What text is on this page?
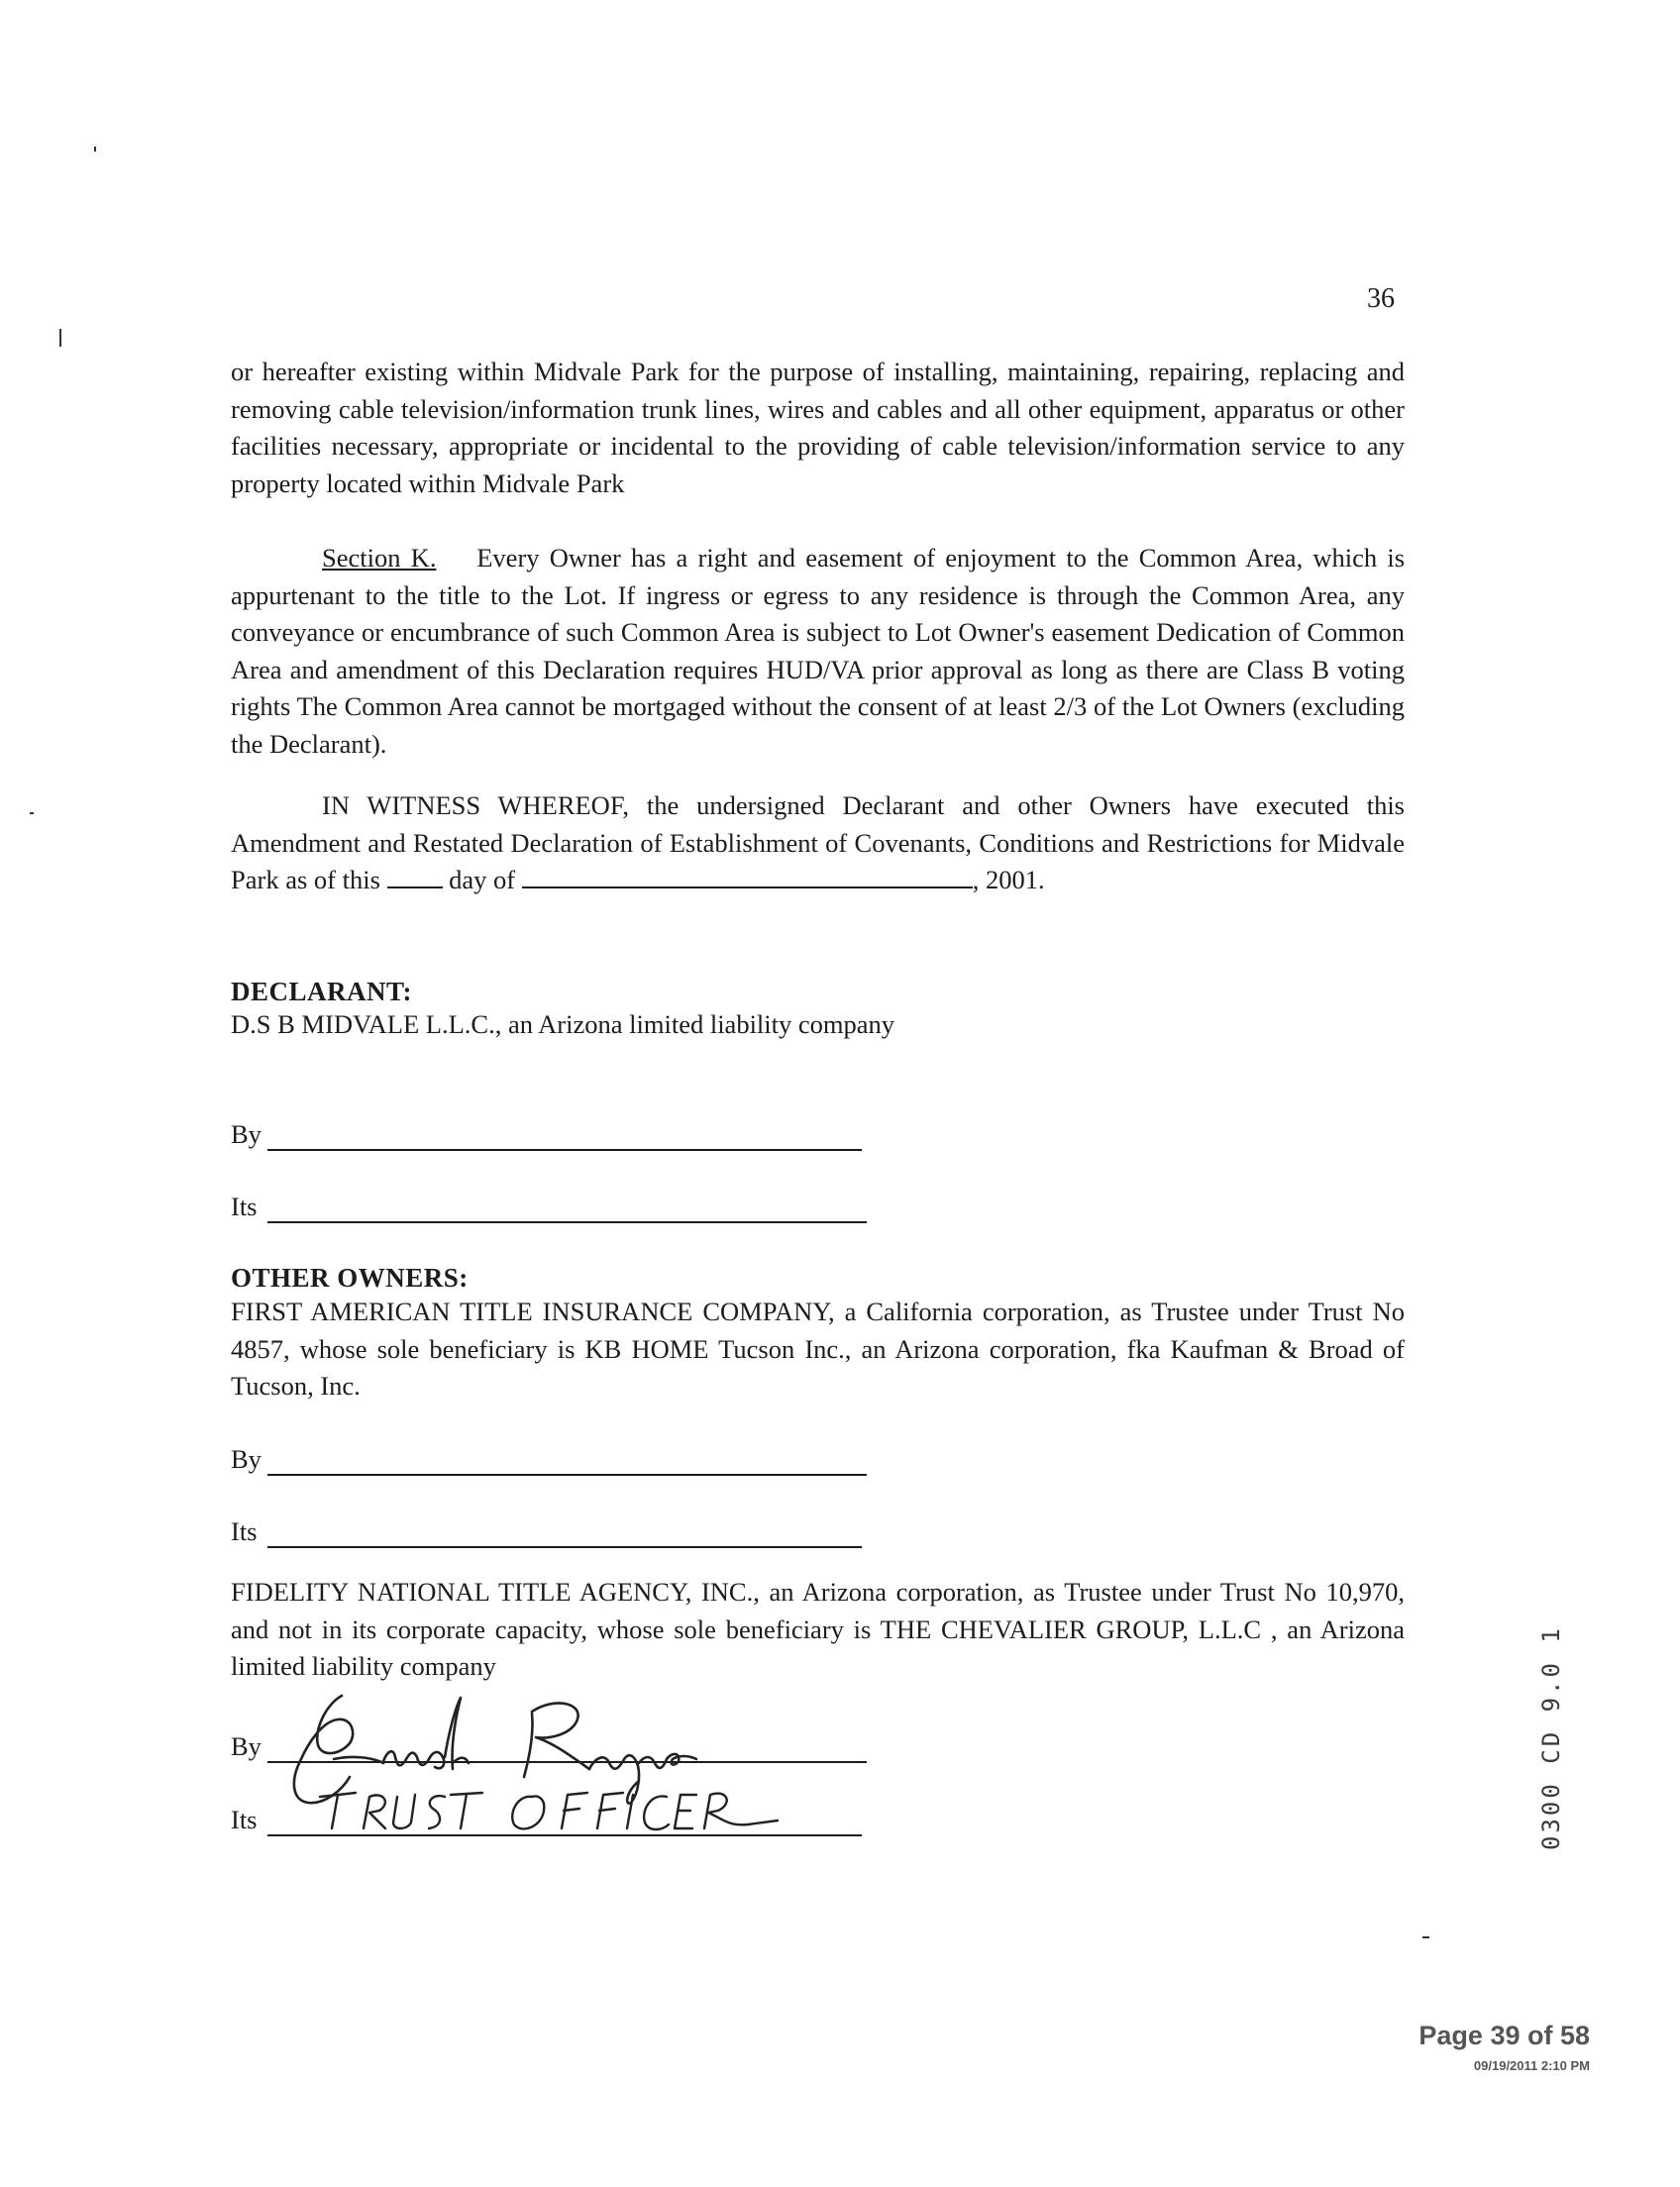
36
or hereafter existing within Midvale Park for the purpose of installing, maintaining, repairing, replacing and removing cable television/information trunk lines, wires and cables and all other equipment, apparatus or other facilities necessary, appropriate or incidental to the providing of cable television/information service to any property located within Midvale Park
Section K. Every Owner has a right and easement of enjoyment to the Common Area, which is appurtenant to the title to the Lot. If ingress or egress to any residence is through the Common Area, any conveyance or encumbrance of such Common Area is subject to Lot Owner's easement Dedication of Common Area and amendment of this Declaration requires HUD/VA prior approval as long as there are Class B voting rights The Common Area cannot be mortgaged without the consent of at least 2/3 of the Lot Owners (excluding the Declarant).
IN WITNESS WHEREOF, the undersigned Declarant and other Owners have executed this Amendment and Restated Declaration of Establishment of Covenants, Conditions and Restrictions for Midvale Park as of this	day of	, 2001.
DECLARANT:
D.S B MIDVALE L.L.C., an Arizona limited liability company
By
Its
OTHER OWNERS:
FIRST AMERICAN TITLE INSURANCE COMPANY, a California corporation, as Trustee under Trust No 4857, whose sole beneficiary is KB HOME Tucson Inc., an Arizona corporation, fka Kaufman & Broad of Tucson, Inc.
By
Its
FIDELITY NATIONAL TITLE AGENCY, INC., an Arizona corporation, as Trustee under Trust No 10,970, and not in its corporate capacity, whose sole beneficiary is THE CHEVALIER GROUP, L.L.C , an Arizona limited liability company
By
Its	0300 CD 9.0 1
Page 39 of 58
09/19/2011 2:10 PM
